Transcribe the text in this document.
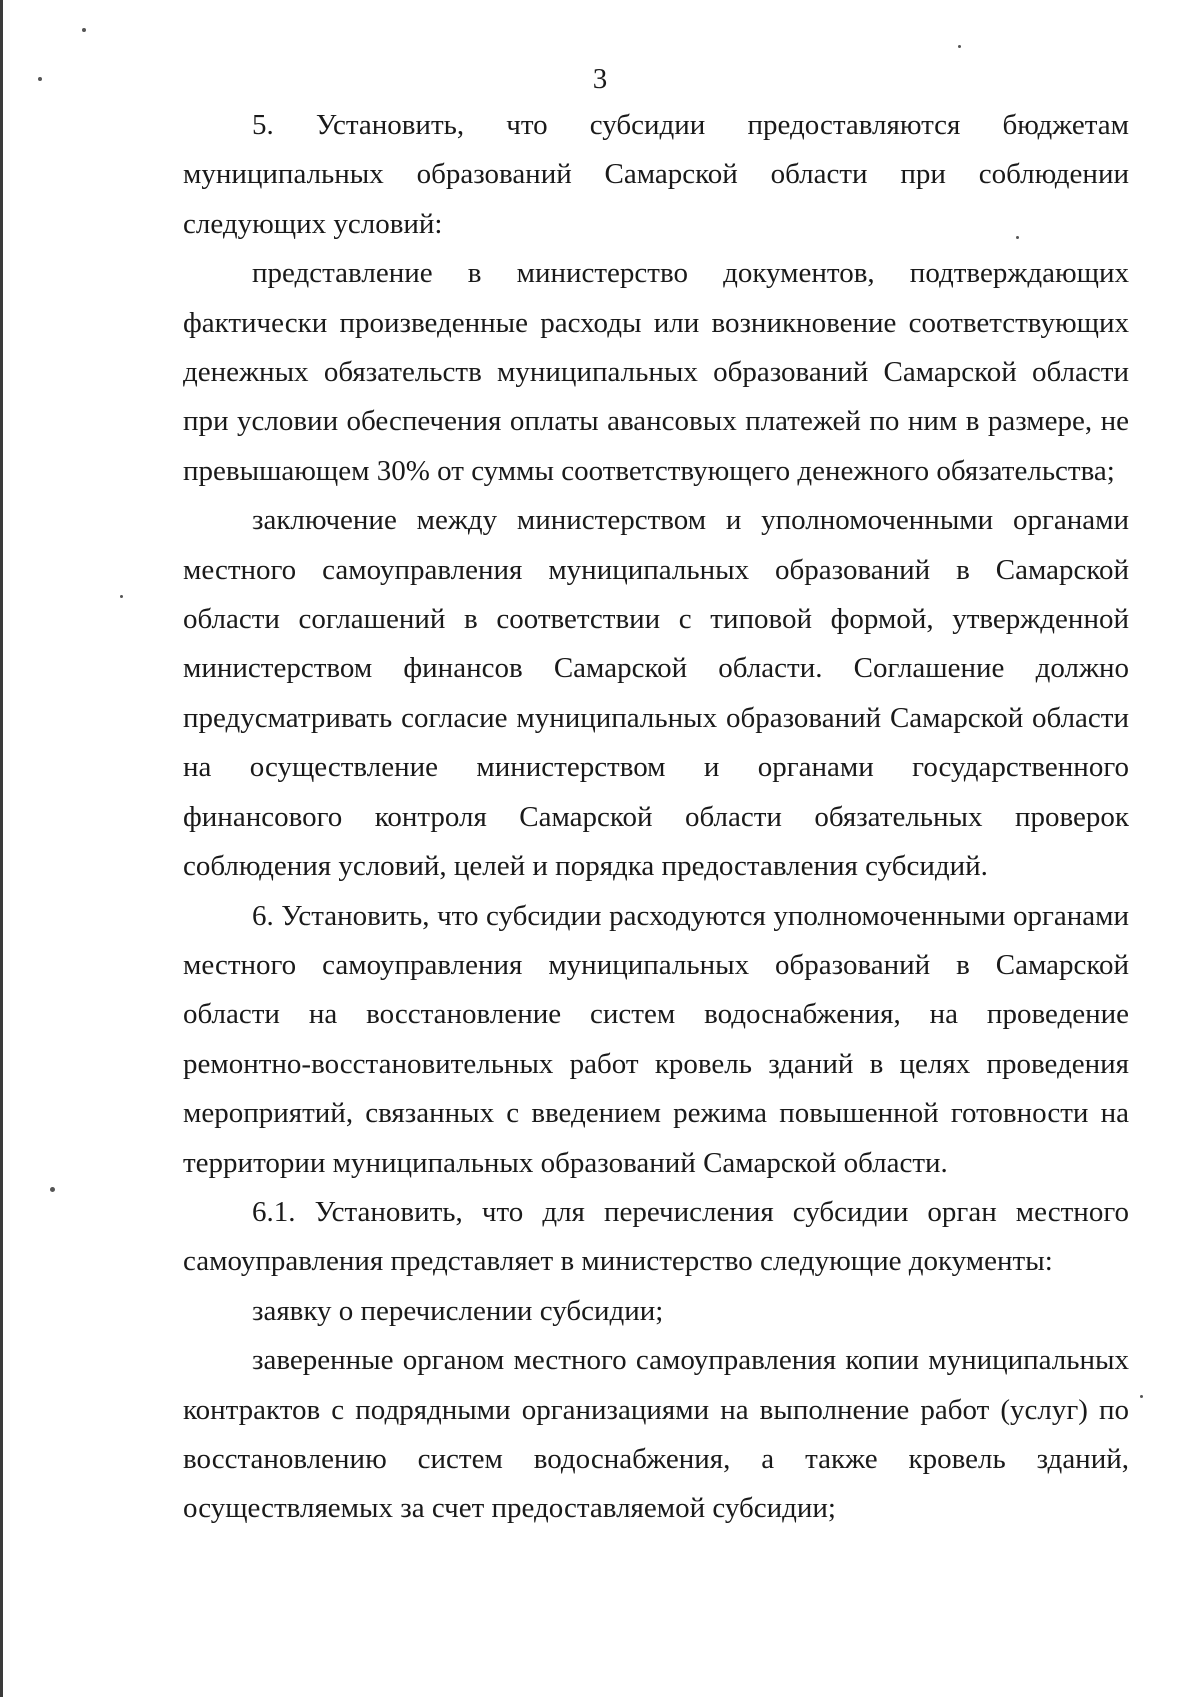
3

5. Установить, что субсидии предоставляются бюджетам муниципальных образований Самарской области при соблюдении следующих условий:

представление в министерство документов, подтверждающих фактически произведенные расходы или возникновение соответствующих денежных обязательств муниципальных образований Самарской области при условии обеспечения оплаты авансовых платежей по ним в размере, не превышающем 30% от суммы соответствующего денежного обязательства;

заключение между министерством и уполномоченными органами местного самоуправления муниципальных образований в Самарской области соглашений в соответствии с типовой формой, утвержденной министерством финансов Самарской области. Соглашение должно предусматривать согласие муниципальных образований Самарской области на осуществление министерством и органами государственного финансового контроля Самарской области обязательных проверок соблюдения условий, целей и порядка предоставления субсидий.

6. Установить, что субсидии расходуются уполномоченными органами местного самоуправления муниципальных образований в Самарской области на восстановление систем водоснабжения, на проведение ремонтно-восстановительных работ кровель зданий в целях проведения мероприятий, связанных с введением режима повышенной готовности на территории муниципальных образований Самарской области.

6.1. Установить, что для перечисления субсидии орган местного самоуправления представляет в министерство следующие документы:

заявку о перечислении субсидии;

заверенные органом местного самоуправления копии муниципальных контрактов с подрядными организациями на выполнение работ (услуг) по восстановлению систем водоснабжения, а также кровель зданий, осуществляемых за счет предоставляемой субсидии;
